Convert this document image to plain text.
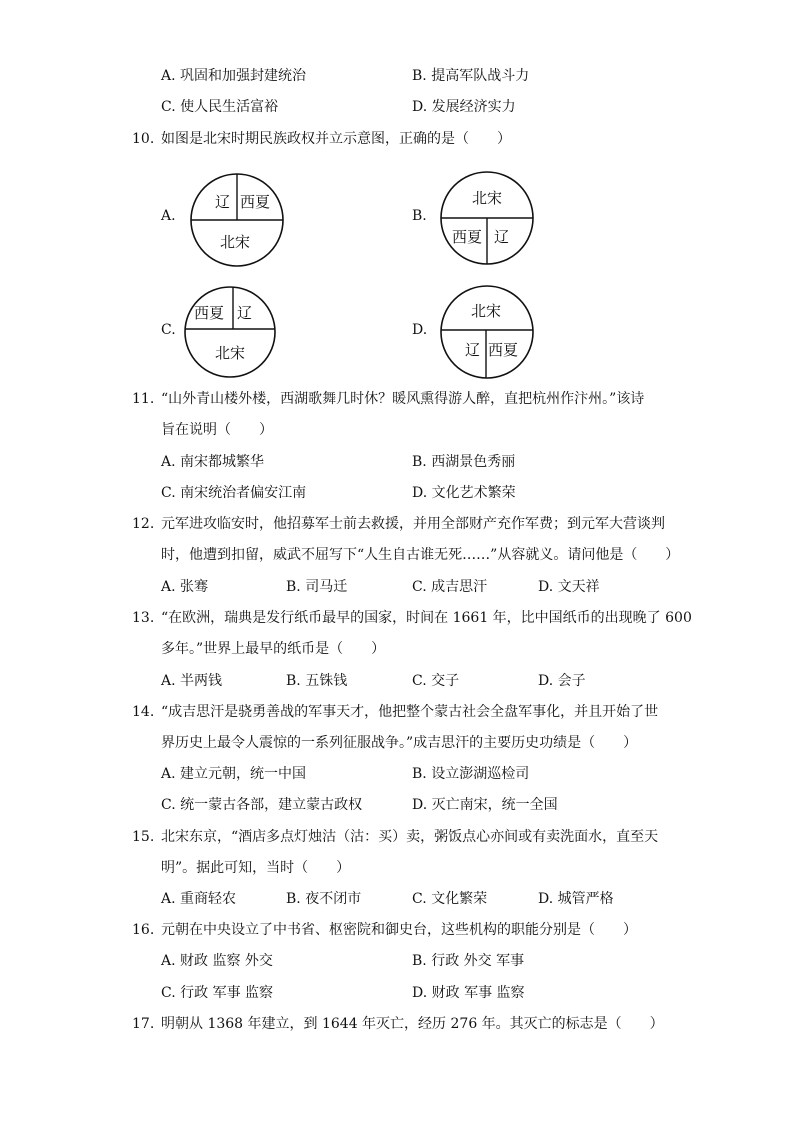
A. 巩固和加强封建统治	B. 提高军队战斗力
C. 使人民生活富裕	D. 发展经济实力
10. 如图是北宋时期民族政权并立示意图，正确的是（　　）
A.
辽 西夏
北宋
B.
北宋
西夏 辽
C.
西夏 辽
北宋
D.
北宋
辽 西夏
11. “山外青山楼外楼，西湖歌舞几时休？暖风熏得游人醉，直把杭州作汴州。”该诗
旨在说明（　　）
A. 南宋都城繁华	B. 西湖景色秀丽
C. 南宋统治者偏安江南	D. 文化艺术繁荣
12. 元军进攻临安时，他招募军士前去救援，并用全部财产充作军费；到元军大营谈判
时，他遭到扣留，威武不屈写下“人生自古谁无死……”从容就义。请问他是（　　）
A. 张骞	B. 司马迁	C. 成吉思汗	D. 文天祥
13. “在欧洲，瑞典是发行纸币最早的国家，时间在 1661 年，比中国纸币的出现晚了 600
多年。”世界上最早的纸币是（　　）
A. 半两钱	B. 五铢钱	C. 交子	D. 会子
14. “成吉思汗是骁勇善战的军事天才，他把整个蒙古社会全盘军事化，并且开始了世
界历史上最令人震惊的一系列征服战争。”成吉思汗的主要历史功绩是（　　）
A. 建立元朝，统一中国	B. 设立澎湖巡检司
C. 统一蒙古各部，建立蒙古政权	D. 灭亡南宋，统一全国
15. 北宋东京，“酒店多点灯烛沽（沽：买）卖，粥饭点心亦间或有卖洗面水，直至天
明”。据此可知，当时（　　）
A. 重商轻农	B. 夜不闭市	C. 文化繁荣	D. 城管严格
16. 元朝在中央设立了中书省、枢密院和御史台，这些机构的职能分别是（　　）
A. 财政 监察 外交	B. 行政 外交 军事
C. 行政 军事 监察	D. 财政 军事 监察
17. 明朝从 1368 年建立，到 1644 年灭亡，经历 276 年。其灭亡的标志是（　　）
